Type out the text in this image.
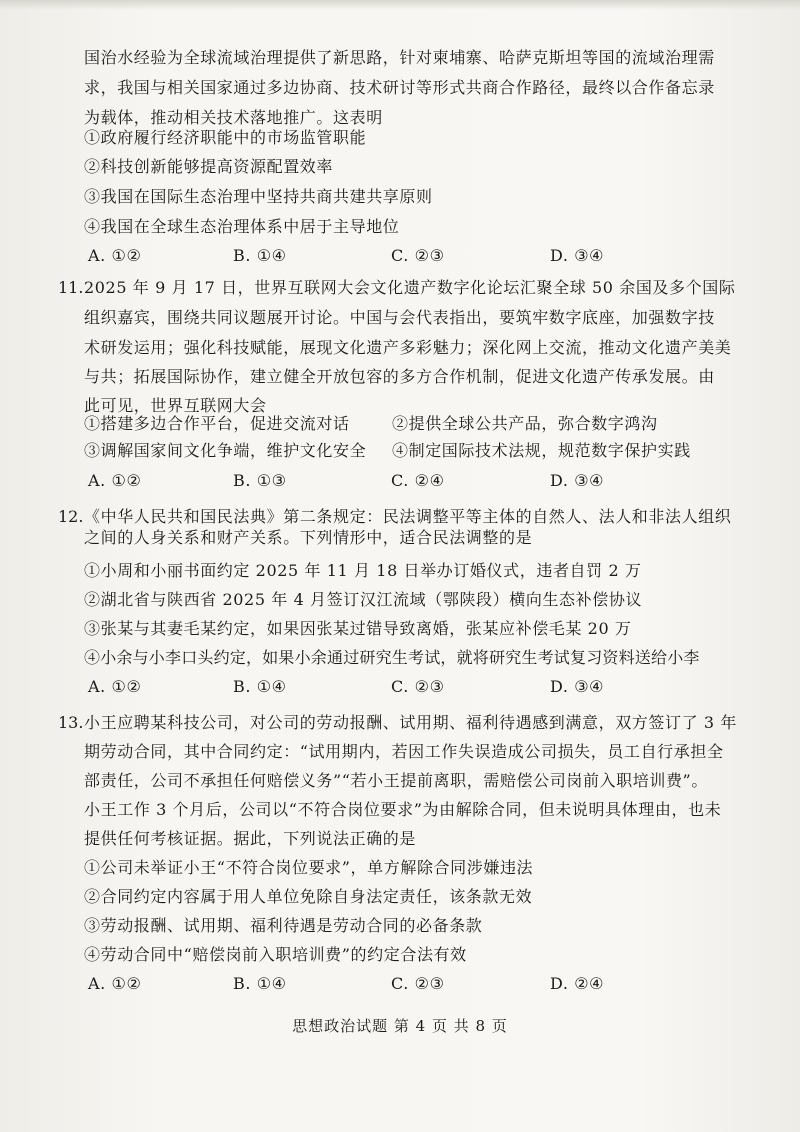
国治水经验为全球流域治理提供了新思路，针对柬埔寨、哈萨克斯坦等国的流域治理需
求，我国与相关国家通过多边协商、技术研讨等形式共商合作路径，最终以合作备忘录
为载体，推动相关技术落地推广。这表明
①政府履行经济职能中的市场监管职能
②科技创新能够提高资源配置效率
③我国在国际生态治理中坚持共商共建共享原则
④我国在全球生态治理体系中居于主导地位
A. ①②	B. ①④	C. ②③	D. ③④
11. 2025 年 9 月 17 日，世界互联网大会文化遗产数字化论坛汇聚全球 50 余国及多个国际
组织嘉宾，围绕共同议题展开讨论。中国与会代表指出，要筑牢数字底座，加强数字技
术研发运用；强化科技赋能，展现文化遗产多彩魅力；深化网上交流，推动文化遗产美美
与共；拓展国际协作，建立健全开放包容的多方合作机制，促进文化遗产传承发展。由
此可见，世界互联网大会
①搭建多边合作平台，促进交流对话	②提供全球公共产品，弥合数字鸿沟
③调解国家间文化争端，维护文化安全 ④制定国际技术法规，规范数字保护实践
A. ①②	B. ①③	C. ②④	D. ③④
12. 《中华人民共和国民法典》第二条规定：民法调整平等主体的自然人、法人和非法人组织
之间的人身关系和财产关系。下列情形中，适合民法调整的是
①小周和小丽书面约定 2025 年 11 月 18 日举办订婚仪式，违者自罚 2 万
②湖北省与陕西省 2025 年 4 月签订汉江流域（鄂陕段）横向生态补偿协议
③张某与其妻毛某约定，如果因张某过错导致离婚，张某应补偿毛某 20 万
④小余与小李口头约定，如果小余通过研究生考试，就将研究生考试复习资料送给小李
A. ①②	B. ①④	C. ②③	D. ③④
13. 小王应聘某科技公司，对公司的劳动报酬、试用期、福利待遇感到满意，双方签订了 3 年
期劳动合同，其中合同约定：“试用期内，若因工作失误造成公司损失，员工自行承担全
部责任，公司不承担任何赔偿义务”“若小王提前离职，需赔偿公司岗前入职培训费”。
小王工作 3 个月后，公司以“不符合岗位要求”为由解除合同，但未说明具体理由，也未
提供任何考核证据。据此，下列说法正确的是
①公司未举证小王“不符合岗位要求”，单方解除合同涉嫌违法
②合同约定内容属于用人单位免除自身法定责任，该条款无效
③劳动报酬、试用期、福利待遇是劳动合同的必备条款
④劳动合同中“赔偿岗前入职培训费”的约定合法有效
A. ①②	B. ①④	C. ②③	D. ②④
思想政治试题 第 4 页 共 8 页
